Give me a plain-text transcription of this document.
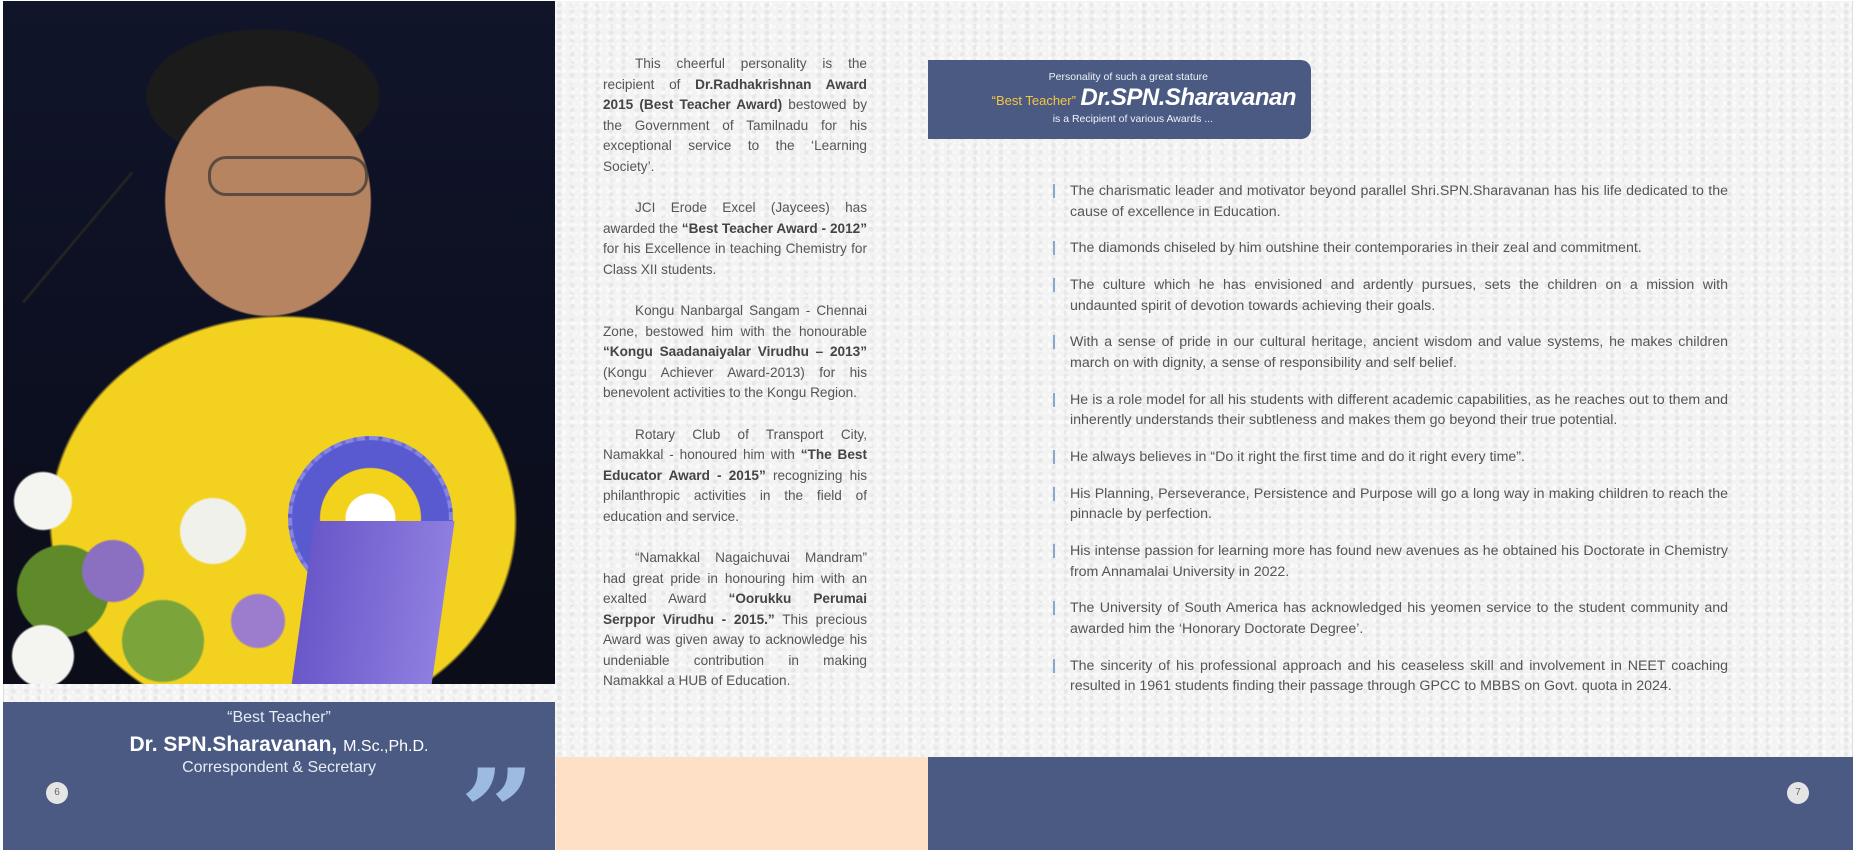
“Best Teacher”
Dr. SPN.Sharavanan, M.Sc.,Ph.D.
Correspondent & Secretary ”
6

This cheerful personality is the recipient of Dr.Radhakrishnan Award 2015 (Best Teacher Award) bestowed by the Government of Tamilnadu for his exceptional service to the ‘Learning Society’.

JCI Erode Excel (Jaycees) has awarded the “Best Teacher Award - 2012” for his Excellence in teaching Chemistry for Class XII students.

Kongu Nanbargal Sangam - Chennai Zone, bestowed him with the honourable “Kongu Saadanaiyalar Virudhu – 2013” (Kongu Achiever Award-2013) for his benevolent activities to the Kongu Region.

Rotary Club of Transport City, Namakkal - honoured him with “The Best Educator Award - 2015” recognizing his philanthropic activities in the field of education and service.

“Namakkal Nagaichuvai Mandram” had great pride in honouring him with an exalted Award “Oorukku Perumai Serppor Virudhu - 2015.” This precious Award was given away to acknowledge his undeniable contribution in making Namakkal a HUB of Education.

7
Personality of such a great stature
“Best Teacher” Dr.SPN.Sharavanan
is a Recipient of various Awards ...
The charismatic leader and motivator beyond parallel Shri.SPN.Sharavanan has his life dedicated to the cause of excellence in Education.
The diamonds chiseled by him outshine their contemporaries in their zeal and commitment.
The culture which he has envisioned and ardently pursues, sets the children on a mission with undaunted spirit of devotion towards achieving their goals.
With a sense of pride in our cultural heritage, ancient wisdom and value systems, he makes children march on with dignity, a sense of responsibility and self belief.
He is a role model for all his students with different academic capabilities, as he reaches out to them and inherently understands their subtleness and makes them go beyond their true potential.
He always believes in “Do it right the first time and do it right every time”.
His Planning, Perseverance, Persistence and Purpose will go a long way in making children to reach the pinnacle by perfection.
His intense passion for learning more has found new avenues as he obtained his Doctorate in Chemistry from Annamalai University in 2022.
The University of South America has acknowledged his yeomen service to the student community and awarded him the ‘Honorary Doctorate Degree’.
The sincerity of his professional approach and his ceaseless skill and involvement in NEET coaching resulted in 1961 students finding their passage through GPCC to MBBS on Govt. quota in 2024.
